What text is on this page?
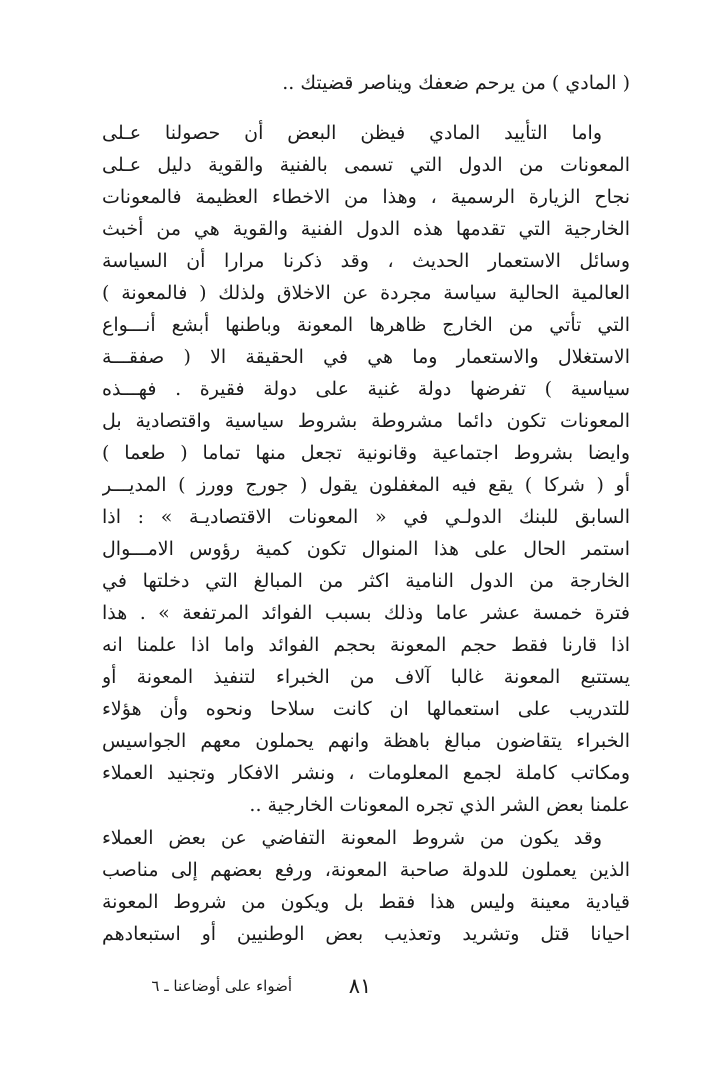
( المادي ) من يرحم ضعفك ويناصر قضيتك ..
واما التأييد المادي فيظن البعض أن حصولنا عـلى
المعونات من الدول التي تسمى بالفنية والقوية دليل عـلى
نجاح الزيارة الرسمية ، وهذا من الاخطاء العظيمة فالمعونات
الخارجية التي تقدمها هذه الدول الفنية والقوية هي من أخبث
وسائل الاستعمار الحديث ، وقد ذكرنا مرارا أن السياسة
العالمية الحالية سياسة مجردة عن الاخلاق ولذلك ( فالمعونة )
التي تأتي من الخارج ظاهرها المعونة وباطنها أبشع أنـــواع
الاستغلال والاستعمار وما هي في الحقيقة الا ( صفقـــة
سياسية ) تفرضها دولة غنية على دولة فقيرة . فهـــذه
المعونات تكون دائما مشروطة بشروط سياسية واقتصادية بل
وايضا بشروط اجتماعية وقانونية تجعل منها تماما ( طعما )
أو ( شركا ) يقع فيه المغفلون يقول ( جورج وورز ) المديـــر
السابق للبنك الدولـي في « المعونات الاقتصاديـة » : اذا
استمر الحال على هذا المنوال تكون كمية رؤوس الامـــوال
الخارجة من الدول النامية اكثر من المبالغ التي دخلتها في
فترة خمسة عشر عاما وذلك بسبب الفوائد المرتفعة » . هذا
اذا قارنا فقط حجم المعونة بحجم الفوائد واما اذا علمنا انه
يستتبع المعونة غالبا آلاف من الخبراء لتنفيذ المعونة أو
للتدريب على استعمالها ان كانت سلاحا ونحوه وأن هؤلاء
الخبراء يتقاضون مبالغ باهظة وانهم يحملون معهم الجواسيس
ومكاتب كاملة لجمع المعلومات ، ونشر الافكار وتجنيد العملاء
علمنا بعض الشر الذي تجره المعونات الخارجية ..
وقد يكون من شروط المعونة التفاضي عن بعض العملاء
الذين يعملون للدولة صاحبة المعونة، ورفع بعضهم إلى مناصب
قيادية معينة وليس هذا فقط بل ويكون من شروط المعونة
احيانا قتل وتشريد وتعذيب بعض الوطنيين أو استبعادهم
أضواء على أوضاعنا ـ ٦	٨١
